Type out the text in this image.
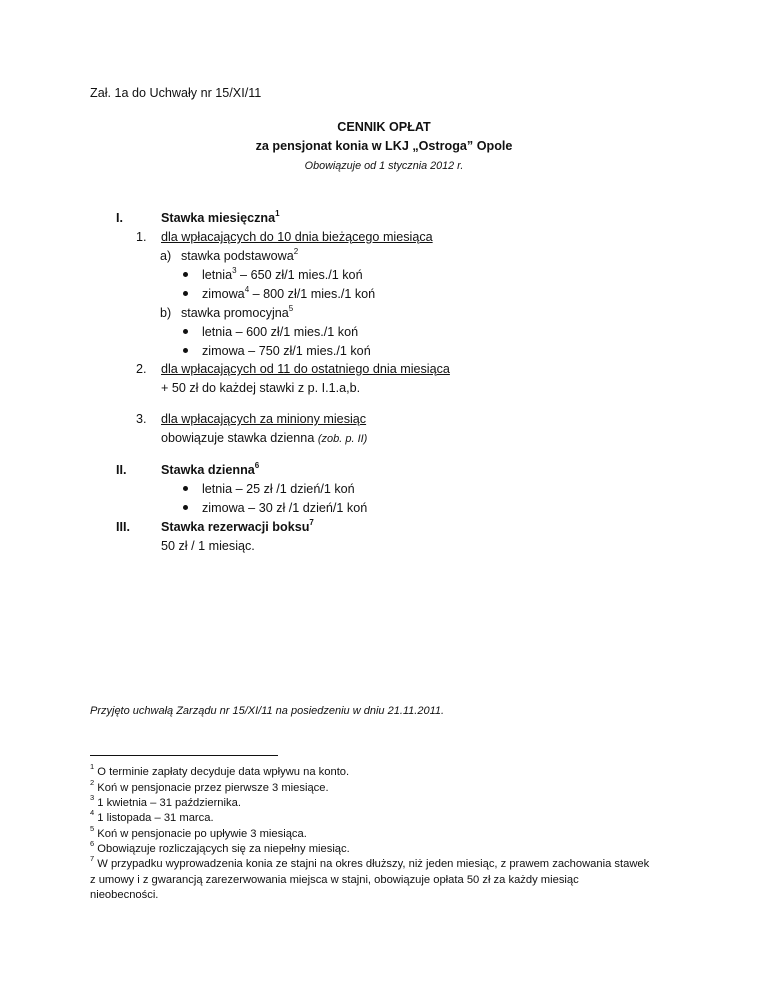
Zał. 1a do Uchwały nr 15/XI/11
CENNIK OPŁAT
za pensjonat konia w LKJ „Ostroga” Opole
Obowiązuje od 1 stycznia 2012 r.
I.	Stawka miesięczna$^1$
1. dla wpłacających do 10 dnia bieżącego miesiąca
a) stawka podstawowa$^2$
letnia$^3$ – 650 zł/1 mies./1 koń
zimowa$^4$ – 800 zł/1 mies./1 koń
b) stawka promocyjna$^5$
letnia – 600 zł/1 mies./1 koń
zimowa – 750 zł/1 mies./1 koń
2. dla wpłacających od 11 do ostatniego dnia miesiąca
+ 50 zł do każdej stawki z p. I.1.a,b.
3. dla wpłacających za miniony miesiąc
obowiązuje stawka dzienna (zob. p. II)
II.	Stawka dzienna$^6$
letnia – 25 zł /1 dzień/1 koń
zimowa – 30 zł /1 dzień/1 koń
III. Stawka rezerwacji boksu$^7$
50 zł / 1 miesiąc.
Przyjęto uchwałą Zarządu nr 15/XI/11 na posiedzeniu w dniu 21.11.2011.
$^1$ O terminie zapłaty decyduje data wpływu na konto.
$^2$ Koń w pensjonacie przez pierwsze 3 miesiące.
$^3$ 1 kwietnia – 31 października.
$^4$ 1 listopada – 31 marca.
$^5$ Koń w pensjonacie po upływie 3 miesiąca.
$^6$ Obowiązuje rozliczających się za niepełny miesiąc.
$^7$ W przypadku wyprowadzenia konia ze stajni na okres dłuższy, niż jeden miesiąc, z prawem zachowania stawek
z umowy i z gwarancją zarezerwowania miejsca w stajni, obowiązuje opłata 50 zł za każdy miesiąc
nieobecności.
